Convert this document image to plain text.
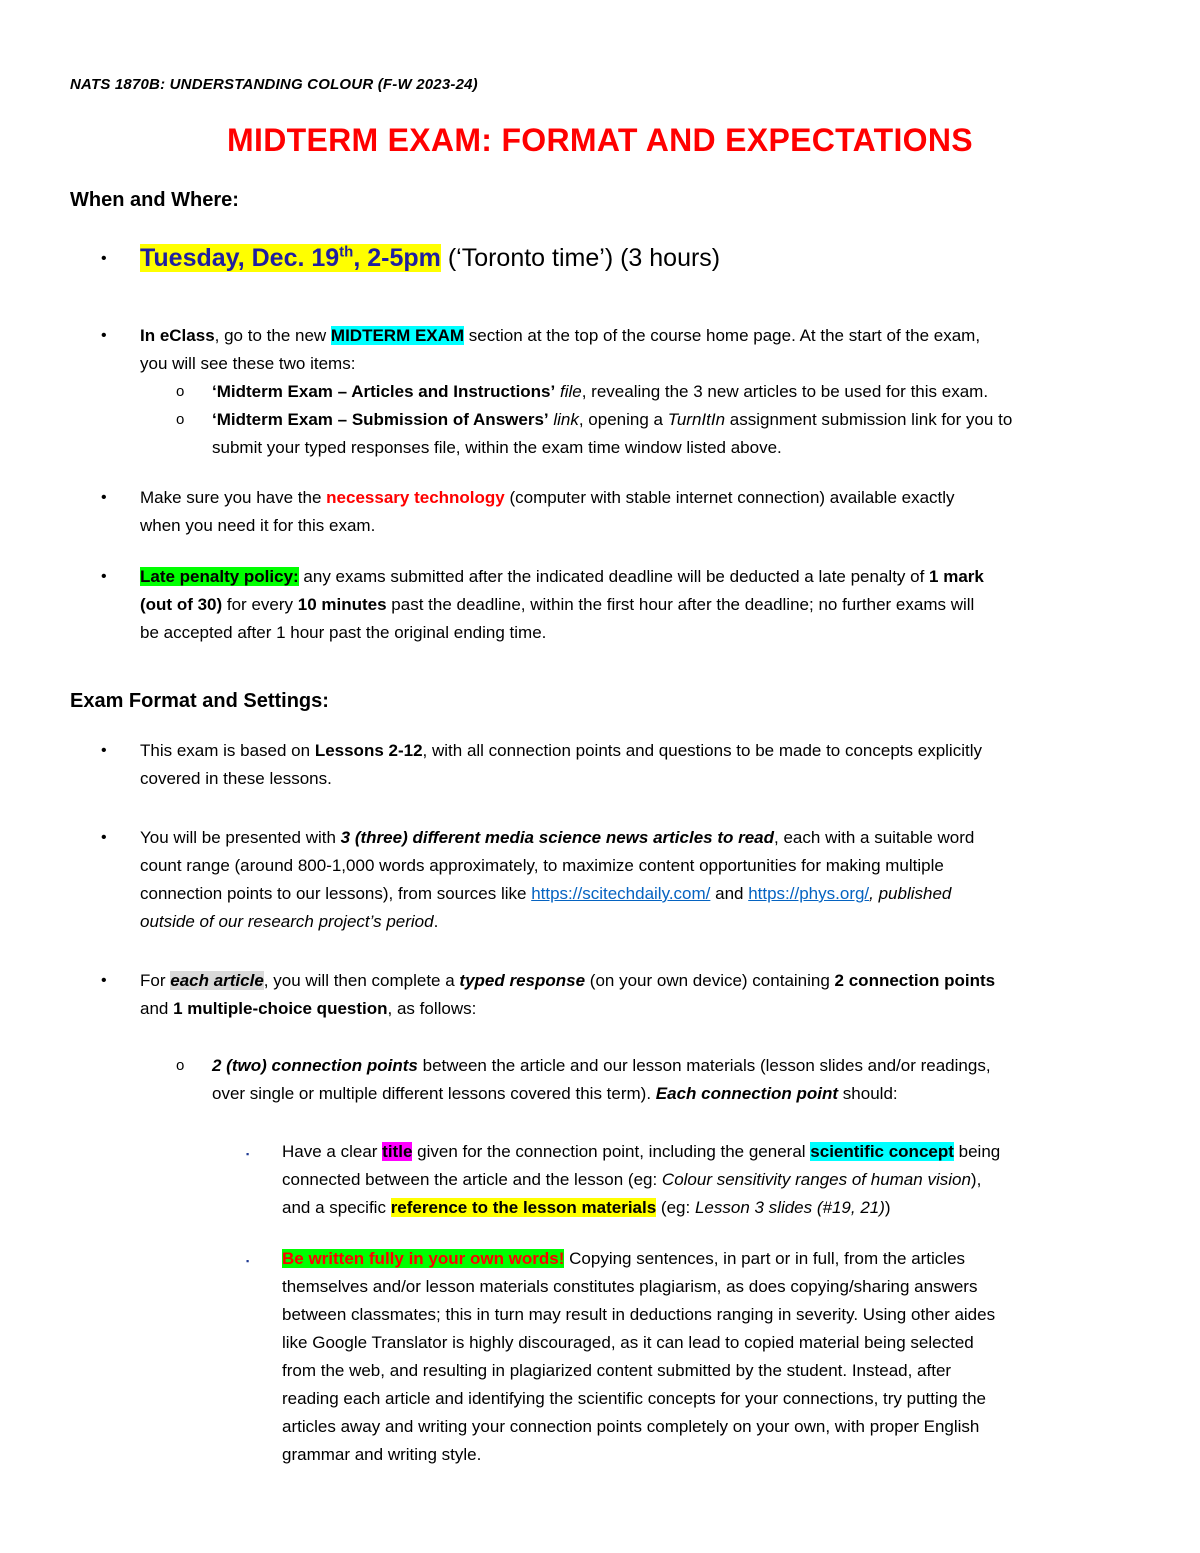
NATS 1870B: UNDERSTANDING COLOUR (F-W 2023-24)
MIDTERM EXAM: FORMAT AND EXPECTATIONS
When and Where:
• Tuesday, Dec. 19th, 2-5pm (‘Toronto time’) (3 hours)
• In eClass, go to the new MIDTERM EXAM section at the top of the course home page. At the start of the exam,
you will see these two items:
o ‘Midterm Exam – Articles and Instructions’ file, revealing the 3 new articles to be used for this exam.
o ‘Midterm Exam – Submission of Answers’ link, opening a TurnItIn assignment submission link for you to
submit your typed responses file, within the exam time window listed above.
• Make sure you have the necessary technology (computer with stable internet connection) available exactly
when you need it for this exam.
• Late penalty policy: any exams submitted after the indicated deadline will be deducted a late penalty of 1 mark
(out of 30) for every 10 minutes past the deadline, within the first hour after the deadline; no further exams will
be accepted after 1 hour past the original ending time.
Exam Format and Settings:
• This exam is based on Lessons 2-12, with all connection points and questions to be made to concepts explicitly
covered in these lessons.
• You will be presented with 3 (three) different media science news articles to read, each with a suitable word
count range (around 800-1,000 words approximately, to maximize content opportunities for making multiple
connection points to our lessons), from sources like https://scitechdaily.com/ and https://phys.org/, published
outside of our research project’s period.
• For each article, you will then complete a typed response (on your own device) containing 2 connection points
and 1 multiple-choice question, as follows:
o 2 (two) connection points between the article and our lesson materials (lesson slides and/or readings,
over single or multiple different lessons covered this term). Each connection point should:
▪ Have a clear title given for the connection point, including the general scientific concept being
connected between the article and the lesson (eg: Colour sensitivity ranges of human vision),
and a specific reference to the lesson materials (eg: Lesson 3 slides (#19, 21))
▪ Be written fully in your own words! Copying sentences, in part or in full, from the articles
themselves and/or lesson materials constitutes plagiarism, as does copying/sharing answers
between classmates; this in turn may result in deductions ranging in severity. Using other aides
like Google Translator is highly discouraged, as it can lead to copied material being selected
from the web, and resulting in plagiarized content submitted by the student. Instead, after
reading each article and identifying the scientific concepts for your connections, try putting the
articles away and writing your connection points completely on your own, with proper English
grammar and writing style.
